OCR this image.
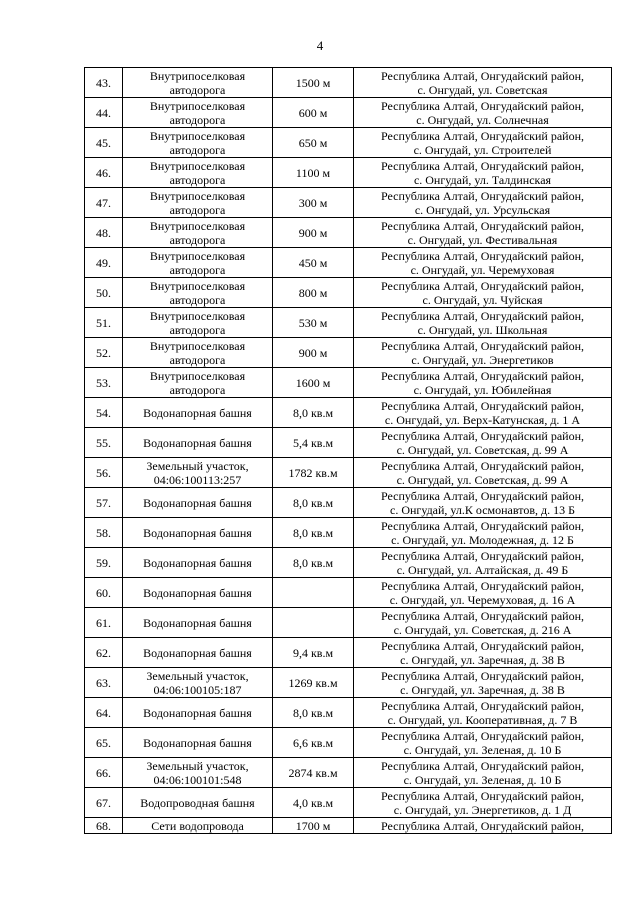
4
43.	Внутрипоселковая
автодорога	1500 м	Республика Алтай, Онгудайский район,
с. Онгудай, ул. Советская

44.	Внутрипоселковая
автодорога	600 м	Республика Алтай, Онгудайский район,
с. Онгудай, ул. Солнечная

45.	Внутрипоселковая
автодорога	650 м	Республика Алтай, Онгудайский район,
с. Онгудай, ул. Строителей

46.	Внутрипоселковая
автодорога	1100 м	Республика Алтай, Онгудайский район,
с. Онгудай, ул. Талдинская

47.	Внутрипоселковая
автодорога	300 м	Республика Алтай, Онгудайский район,
с. Онгудай, ул. Урсульская

48.	Внутрипоселковая
автодорога	900 м	Республика Алтай, Онгудайский район,
с. Онгудай, ул. Фестивальная

49.	Внутрипоселковая
автодорога	450 м	Республика Алтай, Онгудайский район,
с. Онгудай, ул. Черемуховая

50.	Внутрипоселковая
автодорога	800 м	Республика Алтай, Онгудайский район,
с. Онгудай, ул. Чуйская

51.	Внутрипоселковая
автодорога	530 м	Республика Алтай, Онгудайский район,
с. Онгудай, ул. Школьная

52.	Внутрипоселковая
автодорога	900 м	Республика Алтай, Онгудайский район,
с. Онгудай, ул. Энергетиков

53.	Внутрипоселковая
автодорога	1600 м	Республика Алтай, Онгудайский район,
с. Онгудай, ул. Юбилейная

54.	Водонапорная башня	8,0 кв.м	Республика Алтай, Онгудайский район,
с. Онгудай, ул. Верх-Катунская, д. 1 А

55.	Водонапорная башня	5,4 кв.м	Республика Алтай, Онгудайский район,
с. Онгудай, ул. Советская, д. 99 А

56.	Земельный участок,
04:06:100113:257	1782 кв.м	Республика Алтай, Онгудайский район,
с. Онгудай, ул. Советская, д. 99 А

57.	Водонапорная башня	8,0 кв.м	Республика Алтай, Онгудайский район,
с. Онгудай, ул.К осмонавтов, д. 13 Б

58.	Водонапорная башня	8,0 кв.м	Республика Алтай, Онгудайский район,
с. Онгудай, ул. Молодежная, д. 12 Б

59.	Водонапорная башня	8,0 кв.м	Республика Алтай, Онгудайский район,
с. Онгудай, ул. Алтайская, д. 49 Б

60.	Водонапорная башня		Республика Алтай, Онгудайский район,
с. Онгудай, ул. Черемуховая, д. 16 А

61.	Водонапорная башня		Республика Алтай, Онгудайский район,
с. Онгудай, ул. Советская, д. 216 А

62.	Водонапорная башня	9,4 кв.м	Республика Алтай, Онгудайский район,
с. Онгудай, ул. Заречная, д. 38 В

63.	Земельный участок,
04:06:100105:187	1269 кв.м	Республика Алтай, Онгудайский район,
с. Онгудай, ул. Заречная, д. 38 В

64.	Водонапорная башня	8,0 кв.м	Республика Алтай, Онгудайский район,
с. Онгудай, ул. Кооперативная, д. 7 В

65.	Водонапорная башня	6,6 кв.м	Республика Алтай, Онгудайский район,
с. Онгудай, ул. Зеленая, д. 10 Б

66.	Земельный участок,
04:06:100101:548	2874 кв.м	Республика Алтай, Онгудайский район,
с. Онгудай, ул. Зеленая, д. 10 Б

67.	Водопроводная башня	4,0 кв.м	Республика Алтай, Онгудайский район,
с. Онгудай, ул. Энергетиков, д. 1 Д

68.	Сети водопровода	1700 м	Республика Алтай, Онгудайский район,
